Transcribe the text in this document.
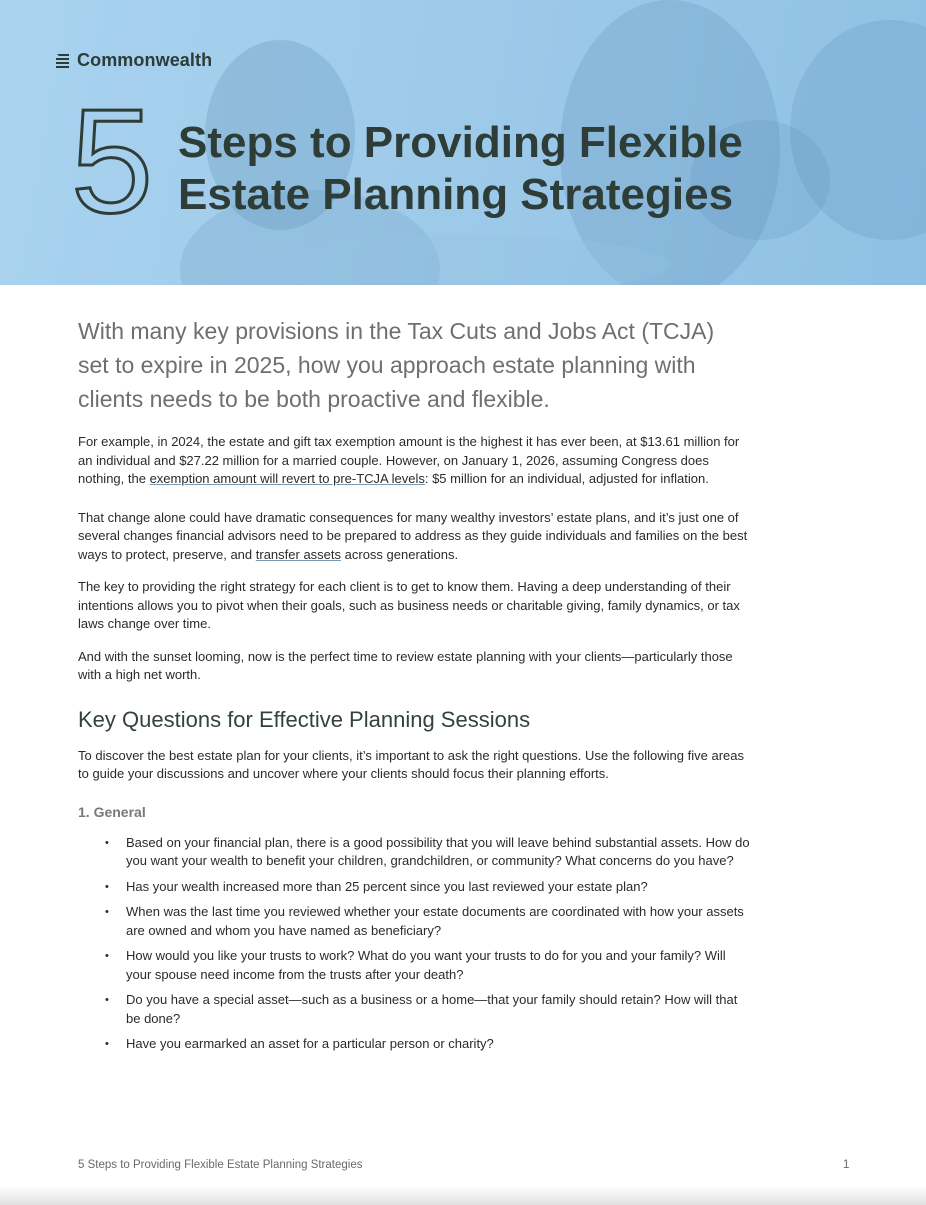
Commonwealth
5 Steps to Providing Flexible
Estate Planning Strategies

With many key provisions in the Tax Cuts and Jobs Act (TCJA) set to expire in 2025, how you approach estate planning with clients needs to be both proactive and flexible.

For example, in 2024, the estate and gift tax exemption amount is the highest it has ever been, at $13.61 million for an individual and $27.22 million for a married couple. However, on January 1, 2026, assuming Congress does nothing, the exemption amount will revert to pre-TCJA levels: $5 million for an individual, adjusted for inflation.

That change alone could have dramatic consequences for many wealthy investors’ estate plans, and it’s just one of several changes financial advisors need to be prepared to address as they guide individuals and families on the best ways to protect, preserve, and transfer assets across generations.

The key to providing the right strategy for each client is to get to know them. Having a deep understanding of their intentions allows you to pivot when their goals, such as business needs or charitable giving, family dynamics, or tax laws change over time.

And with the sunset looming, now is the perfect time to review estate planning with your clients—particularly those with a high net worth.

Key Questions for Effective Planning Sessions

To discover the best estate plan for your clients, it’s important to ask the right questions. Use the following five areas to guide your discussions and uncover where your clients should focus their planning efforts.

1. General
• Based on your financial plan, there is a good possibility that you will leave behind substantial assets. How do you want your wealth to benefit your children, grandchildren, or community? What concerns do you have?
• Has your wealth increased more than 25 percent since you last reviewed your estate plan?
• When was the last time you reviewed whether your estate documents are coordinated with how your assets are owned and whom you have named as beneficiary?
• How would you like your trusts to work? What do you want your trusts to do for you and your family? Will your spouse need income from the trusts after your death?
• Do you have a special asset—such as a business or a home—that your family should retain? How will that be done?
• Have you earmarked an asset for a particular person or charity?
5 Steps to Providing Flexible Estate Planning Strategies	1
